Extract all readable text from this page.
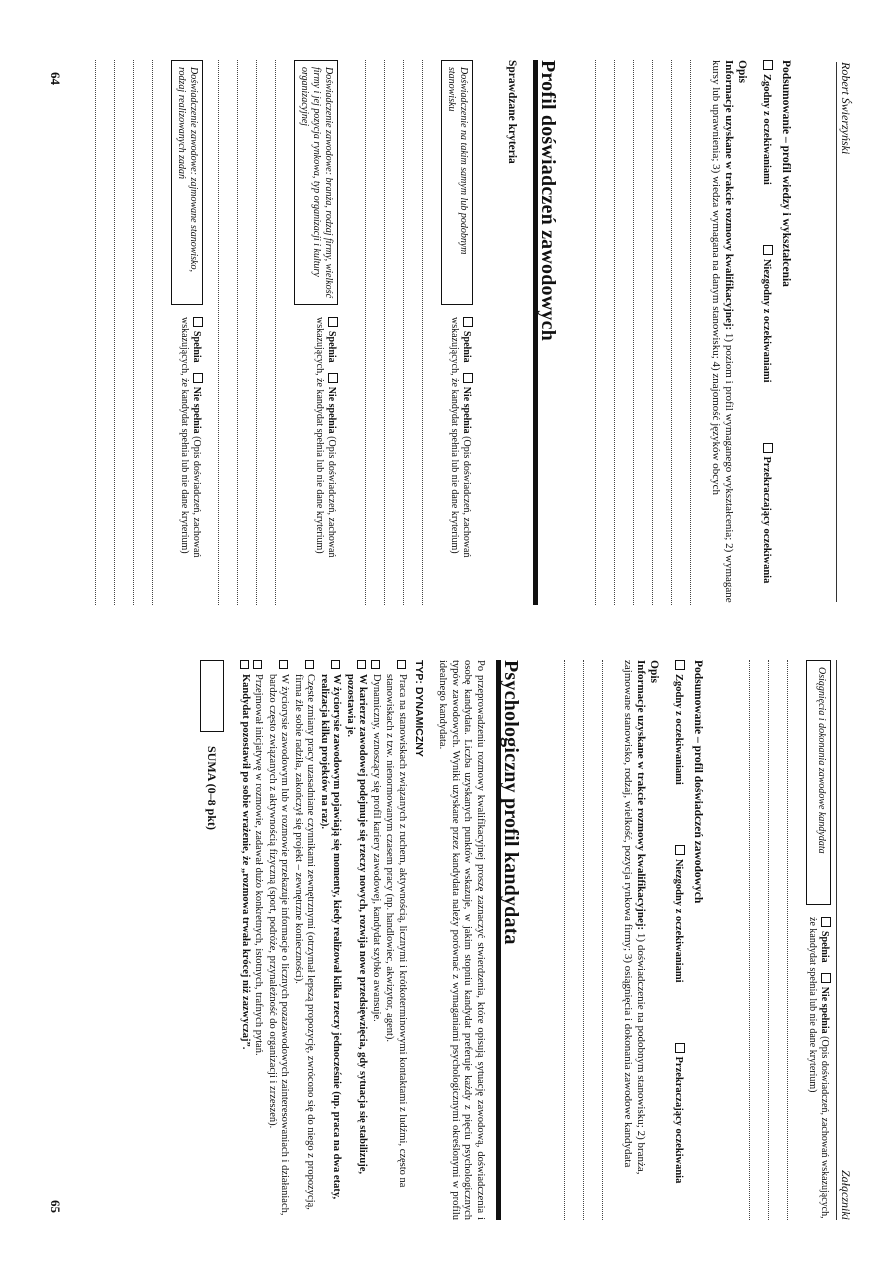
Robert Świerzyński
Podsumowanie – profil wiedzy i wykształcenia
Zgodny z oczekiwaniami
Niezgodny z oczekiwaniami
Przekraczający oczekiwania
Opis
Informacje uzyskane w trakcie rozmowy kwalifikacyjnej: 1) poziom i profil wymaganego wykształcenia; 2) wymagane kursy lub uprawnienia; 3) wiedza wymagana na danym stanowisku; 4) znajomość języków obcych
Profil doświadczeń zawodowych
Sprawdzane kryteria
Doświadczenie na takim samym lub podobnym stanowisku
Spełnia    Nie spełnia (Opis doświadczeń, zachowań wskazujących, że kandydat spełnia lub nie dane kryterium)
Doświadczenie zawodowe: branża, rodzaj firmy, wielkość firmy i jej pozycja rynkowa, typ organizacji i kultury organizacyjnej
Spełnia    Nie spełnia (Opis doświadczeń, zachowań wskazujących, że kandydat spełnia lub nie dane kryterium)
Doświadczenie zawodowe: zajmowane stanowisko, rodzaj realizowanych zadań
Spełnia    Nie spełnia (Opis doświadczeń, zachowań wskazujących, że kandydat spełnia lub nie dane kryterium)
64
Załączniki
Osiągnięcia i dokonania zawodowe kandydata
Spełnia    Nie spełnia (Opis doświadczeń, zachowań wskazujących, że kandydat spełnia lub nie dane kryterium)
Podsumowanie – profil doświadczeń zawodowych
Zgodny z oczekiwaniami
Niezgodny z oczekiwaniami
Przekraczający oczekiwania
Opis
Informacje uzyskane w trakcie rozmowy kwalifikacyjnej: 1) doświadczenie na podobnym stanowisku; 2) branża, zajmowane stanowisko, rodzaj, wielkość, pozycja rynkowa firmy; 3) osiągnięcia i dokonania zawodowe kandydata
Psychologiczny profil kandydata
Po przeprowadzeniu rozmowy kwalifikacyjnej proszę zaznaczyć stwierdzenia, które opisują sytuację zawodową, doświadczenia i osobę kandydata. Liczba uzyskanych punktów wskazuje, w jakim stopniu kandydat preferuje każdy z pięciu psychologicznych typów zawodowych. Wyniki uzyskane przez kandydata należy porównać z wymaganiami psychologicznymi określonymi w profilu idealnego kandydata.
TYP: DYNAMICZNY
Praca na stanowiskach związanych z ruchem, aktywnością, licznymi i krótkoterminowymi kontaktami z ludźmi, często na stanowiskach z tzw. nienormowanym czasem pracy (np. handlowiec, akwizytor, agent).
Dynamiczny, wznoszący się profil kariery zawodowej, kandydat szybko awansuje.
W karierze zawodowej podejmuje się rzeczy nowych, rozwija nowe przedsięwzięcia, gdy sytuacja się stabilizuje, pozostawia je.
W życiorysie zawodowym pojawiają się momenty, kiedy realizował kilka rzeczy jednocześnie (np. praca na dwa etaty, realizacja kilku projektów na raz).
Częste zmiany pracy uzasadniane czynnikami zewnętrznymi (otrzymał lepszą propozycję, zwrócono się do niego z propozycją, firma źle sobie radziła, zakończył się projekt – zewnętrzne konieczności).
W życiorysie zawodowym lub w rozmowie przekazuje informacje o licznych pozazawodowych zainteresowaniach i działaniach, bardzo często związanych z aktywnością fizyczną (sport, podróże, przynależność do organizacji i zrzeszeń).
Przejmował inicjatywę w rozmowie, zadawał dużo konkretnych, istotnych, trafnych pytań.
Kandydat pozostawił po sobie wrażenie, że „rozmowa trwała krócej niż zazwyczaj”.
SUMA (0–8 pkt)
65
